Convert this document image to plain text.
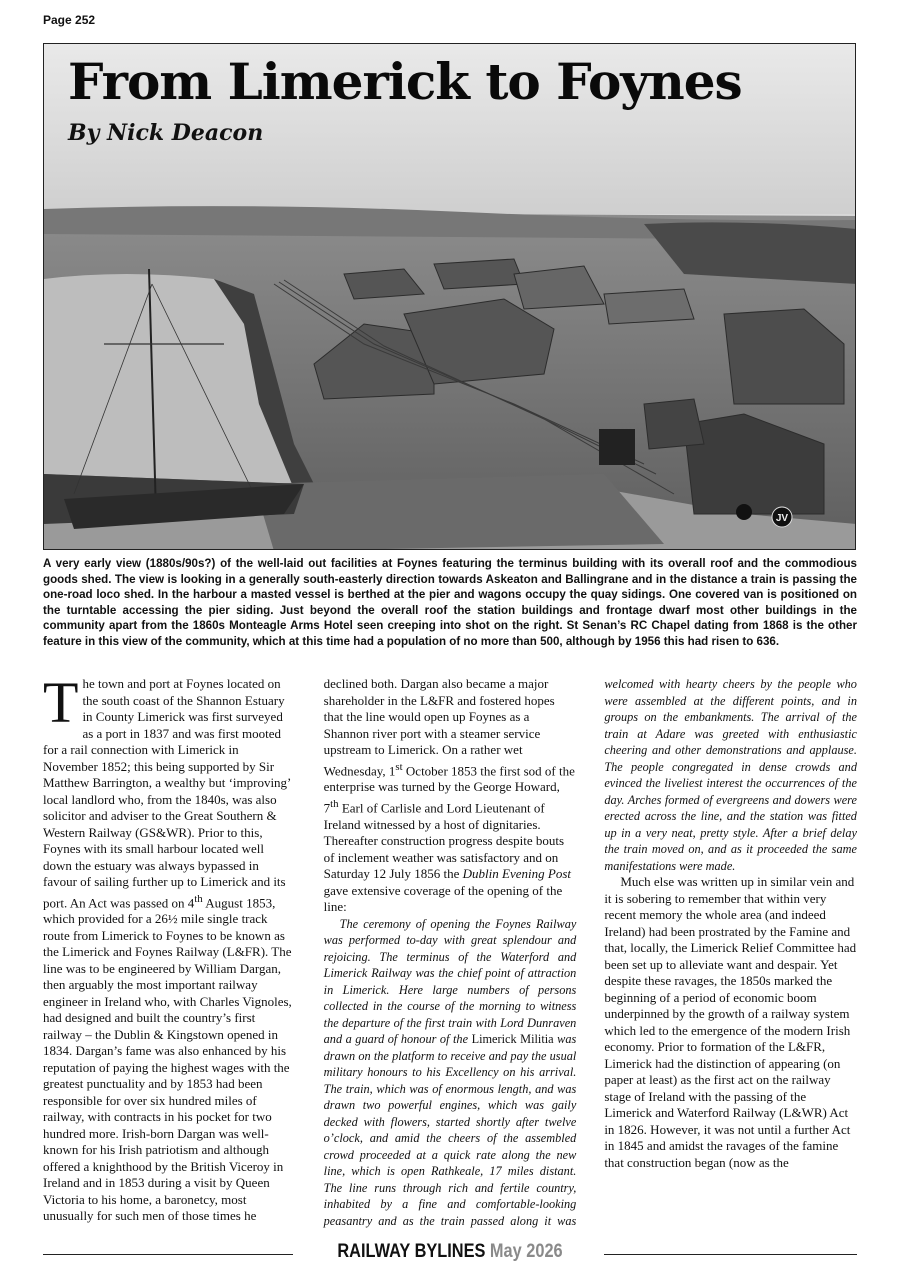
Page 252
From Limerick to Foynes
By Nick Deacon

A very early view (1880s/90s?) of the well-laid out facilities at Foynes featuring the terminus building with its overall roof and the commodious goods shed. The view is looking in a generally south-easterly direction towards Askeaton and Ballingrane and in the distance a train is passing the one-road loco shed. In the harbour a masted vessel is berthed at the pier and wagons occupy the quay sidings. One covered van is positioned on the turntable accessing the pier siding. Just beyond the overall roof the station buildings and frontage dwarf most other buildings in the community apart from the 1860s Monteagle Arms Hotel seen creeping into shot on the right. St Senan’s RC Chapel dating from 1868 is the other feature in this view of the community, which at this time had a population of no more than 500, although by 1956 this had risen to 636.

The town and port at Foynes located on the south coast of the Shannon Estuary in County Limerick was first surveyed as a port in 1837 and was first mooted for a rail connection with Limerick in November 1852; this being supported by Sir Matthew Barrington, a wealthy but ‘improving’ local landlord who, from the 1840s, was also solicitor and adviser to the Great Southern & Western Railway (GS&WR). Prior to this, Foynes with its small harbour located well down the estuary was always bypassed in favour of sailing further up to Limerick and its port. An Act was passed on 4th August 1853, which provided for a 26½ mile single track route from Limerick to Foynes to be known as the Limerick and Foynes Railway (L&FR). The line was to be engineered by William Dargan, then arguably the most important railway engineer in Ireland who, with Charles Vignoles, had designed and built the country’s first railway – the Dublin & Kingstown opened in 1834. Dargan’s fame was also enhanced by his reputation of paying the highest wages with the greatest punctuality and by 1853 had been responsible for over six hundred miles of railway, with contracts in his pocket for two hundred more. Irish-born Dargan was well-known for his Irish patriotism and although offered a knighthood by the British Viceroy in Ireland and in 1853 during a visit by Queen Victoria to his home, a baronetcy, most unusually for such men of those times he declined both. Dargan also became a major shareholder in the L&FR and fostered hopes that the line would open up Foynes as a Shannon river port with a steamer service upstream to Limerick. On a rather wet Wednesday, 1st October 1853 the first sod of the enterprise was turned by the George Howard, 7th Earl of Carlisle and Lord Lieutenant of Ireland witnessed by a host of dignitaries. Thereafter construction progress despite bouts of inclement weather was satisfactory and on Saturday 12 July 1856 the Dublin Evening Post gave extensive coverage of the opening of the line:

The ceremony of opening the Foynes Railway was performed to-day with great splendour and rejoicing. The terminus of the Waterford and Limerick Railway was the chief point of attraction in Limerick. Here large numbers of persons collected in the course of the morning to witness the departure of the first train with Lord Dunraven and a guard of honour of the Limerick Militia was drawn on the platform to receive and pay the usual military honours to his Excellency on his arrival. The train, which was of enormous length, and was drawn two powerful engines, which was gaily decked with flowers, started shortly after twelve o’clock, and amid the cheers of the assembled crowd proceeded at a quick rate along the new line, which is open Rathkeale, 17 miles distant. The line runs through rich and fertile country, inhabited by a fine and comfortable-looking peasantry and as the train passed along it was welcomed with hearty cheers by the people who were assembled at the different points, and in groups on the embankments. The arrival of the train at Adare was greeted with enthusiastic cheering and other demonstrations and applause. The people congregated in dense crowds and evinced the liveliest interest the occurrences of the day. Arches formed of evergreens and dowers were erected across the line, and the station was fitted up in a very neat, pretty style. After a brief delay the train moved on, and as it proceeded the same manifestations were made.

Much else was written up in similar vein and it is sobering to remember that within very recent memory the whole area (and indeed Ireland) had been prostrated by the Famine and that, locally, the Limerick Relief Committee had been set up to alleviate want and despair. Yet despite these ravages, the 1850s marked the beginning of a period of economic boom underpinned by the growth of a railway system which led to the emergence of the modern Irish economy. Prior to formation of the L&FR, Limerick had the distinction of appearing (on paper at least) as the first act on the railway stage of Ireland with the passing of the Limerick and Waterford Railway (L&WR) Act in 1826. However, it was not until a further Act in 1845 and amidst the ravages of the famine that construction began (now as the

RAILWAY BYLINES May 2026
JV
